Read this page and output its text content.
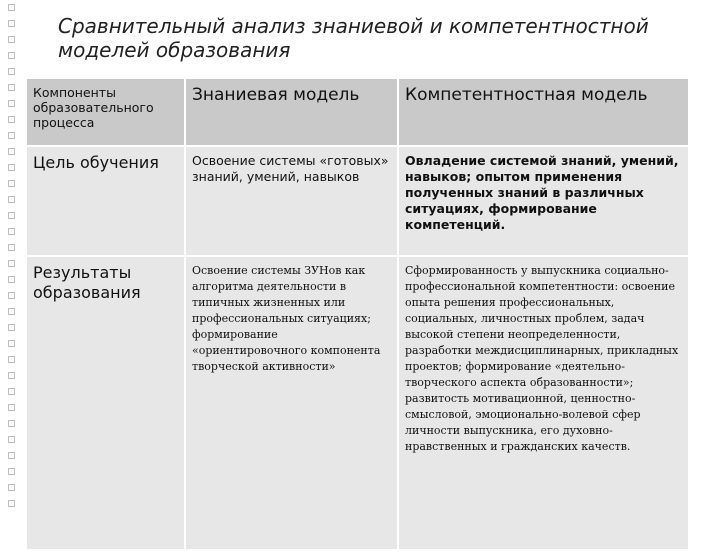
Сравнительный анализ знаниевой и компетентностной моделей образования
Компоненты образовательного процесса	Знаниевая модель	Компетентностная модель

Цель обучения	Освоение системы «готовых» знаний, умений, навыков	Овладение системой знаний, умений, навыков; опытом применения полученных знаний в различных ситуациях, формирование компетенций.

Результаты образования	Освоение системы ЗУНов как алгоритма деятельности в типичных жизненных или профессиональных ситуациях; формирование «ориентировочного компонента творческой активности»	Сформированность у выпускника социально-профессиональной компетентности: освоение опыта решения профессиональных, социальных, личностных проблем, задач высокой степени неопределенности, разработки междисциплинарных, прикладных проектов; формирование «деятельно-творческого аспекта образованности»; развитость мотивационной, ценностно-смысловой, эмоционально-волевой сфер личности выпускника, его духовно-нравственных и гражданских качеств.
